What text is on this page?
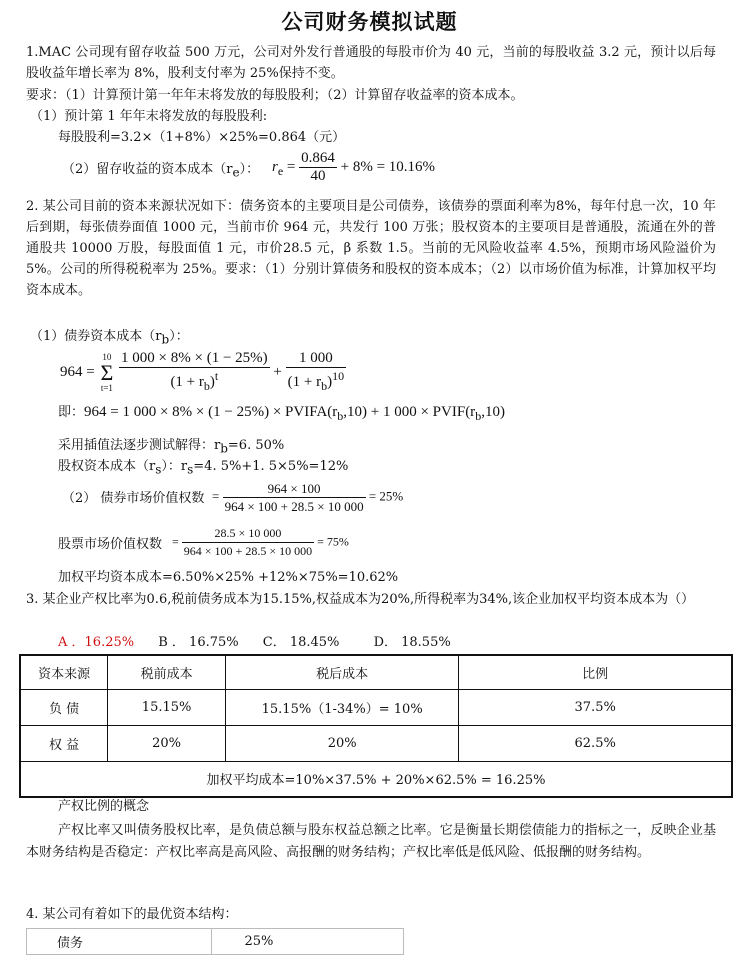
公司财务模拟试题
1.MAC 公司现有留存收益 500 万元，公司对外发行普通股的每股市价为 40 元，当前的每股收益 3.2 元，预计以后每股收益年增长率为 8%，股利支付率为 25%保持不变。
要求：（1）计算预计第一年年末将发放的每股股利；（2）计算留存收益率的资本成本。
（1）预计第 1 年年末将发放的每股股利:
每股股利=3.2×（1+8%）×25%=0.864（元）
（2）留存收益的资本成本$(r_e)$： $r_e = \frac{0.864}{40} + 8\% = 10.16\%$
2. 某公司目前的资本来源状况如下：债务资本的主要项目是公司债券，该债券的票面利率为8%，每年付息一次，10 年后到期，每张债券面值 1000 元，当前市价 964 元，共发行 100 万张；股权资本的主要项目是普通股，流通在外的普通股共 10000 万股，每股面值 1 元，市价28.5 元，β 系数 1.5。当前的无风险收益率 4.5%，预期市场风险溢价为 5%。公司的所得税税率为 25%。要求：（1）分别计算债务和股权的资本成本；（2）以市场价值为标准，计算加权平均资本成本。
（1）债券资本成本$(r_b)$：
964 =
10
Σ
t=1
$\frac{1 000 \times 8\% \times (1 - 25\%)}{(1 + r_b)^t} + \frac{1 000}{(1 + r_b)^{10}}$
即：964 = 1 $000 \times 8\% \times (1 - 25\%) \times PVIFA(r_b,10) + 1$ $000 \times PVIF(r_b,10)$
采用插值法逐步测试解得：$r_b=6$. 50%
股权资本成本$(r_s)$：$r_s=4$. 5%+1. 5×5%=12%
（2） 债券市场价值权数 = $\frac{964 \times 100}{964 \times 100 + 28.5 \times 10 000} = 25\%$
股票市场价值权数 = $\frac{28.5 \times 10 000}{964 \times 100 + 28.5 \times 10 000} = 75\%$
加权平均资本成本=6.50%×25% +12%×75%=10.62%
3. 某企业产权比率为0.6,税前债务成本为15.15%,权益成本为20%,所得税率为34%,该企业加权平均资本成本为（）
A ．16.25% B ． 16.75% C． 18.45%	D． 18.55%
资本来源	税前成本	税后成本	比例
负 债	15.15%	15.15%（1-34%）= 10%	37.5%
权 益	20%	20%	62.5%
加权平均成本=10%×37.5% + 20%×62.5% = 16.25%			
产权比例的概念
产权比率又叫债务股权比率，是负债总额与股东权益总额之比率。它是衡量长期偿债能力的指标之一，反映企业基本财务结构是否稳定：产权比率高是高风险、高报酬的财务结构；产权比率低是低风险、低报酬的财务结构。
4. 某公司有着如下的最优资本结构：
债务	25%
